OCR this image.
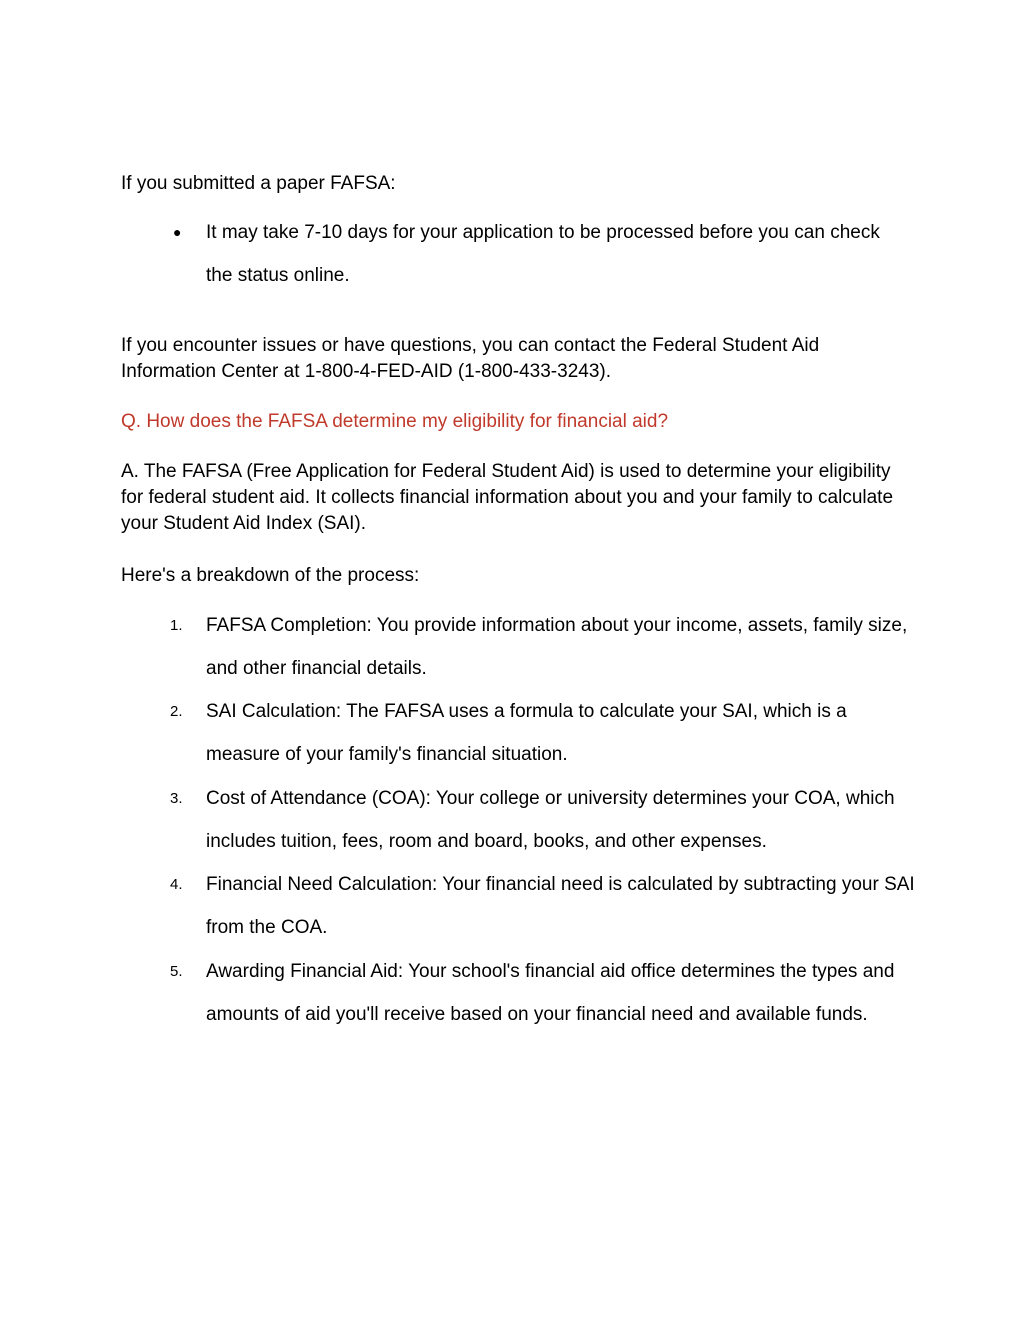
If you submitted a paper FAFSA:

● It may take 7-10 days for your application to be processed before you can check the status online.

If you encounter issues or have questions, you can contact the Federal Student Aid Information Center at 1-800-4-FED-AID (1-800-433-3243).

Q. How does the FAFSA determine my eligibility for financial aid?

A. The FAFSA (Free Application for Federal Student Aid) is used to determine your eligibility for federal student aid. It collects financial information about you and your family to calculate your Student Aid Index (SAI).

Here's a breakdown of the process:

1.	FAFSA Completion: You provide information about your income, assets, family size, and other financial details.
2.	SAI Calculation: The FAFSA uses a formula to calculate your SAI, which is a measure of your family's financial situation.
3.	Cost of Attendance (COA): Your college or university determines your COA, which includes tuition, fees, room and board, books, and other expenses.
4.	Financial Need Calculation: Your financial need is calculated by subtracting your SAI from the COA.
5.	Awarding Financial Aid: Your school's financial aid office determines the types and amounts of aid you'll receive based on your financial need and available funds.
